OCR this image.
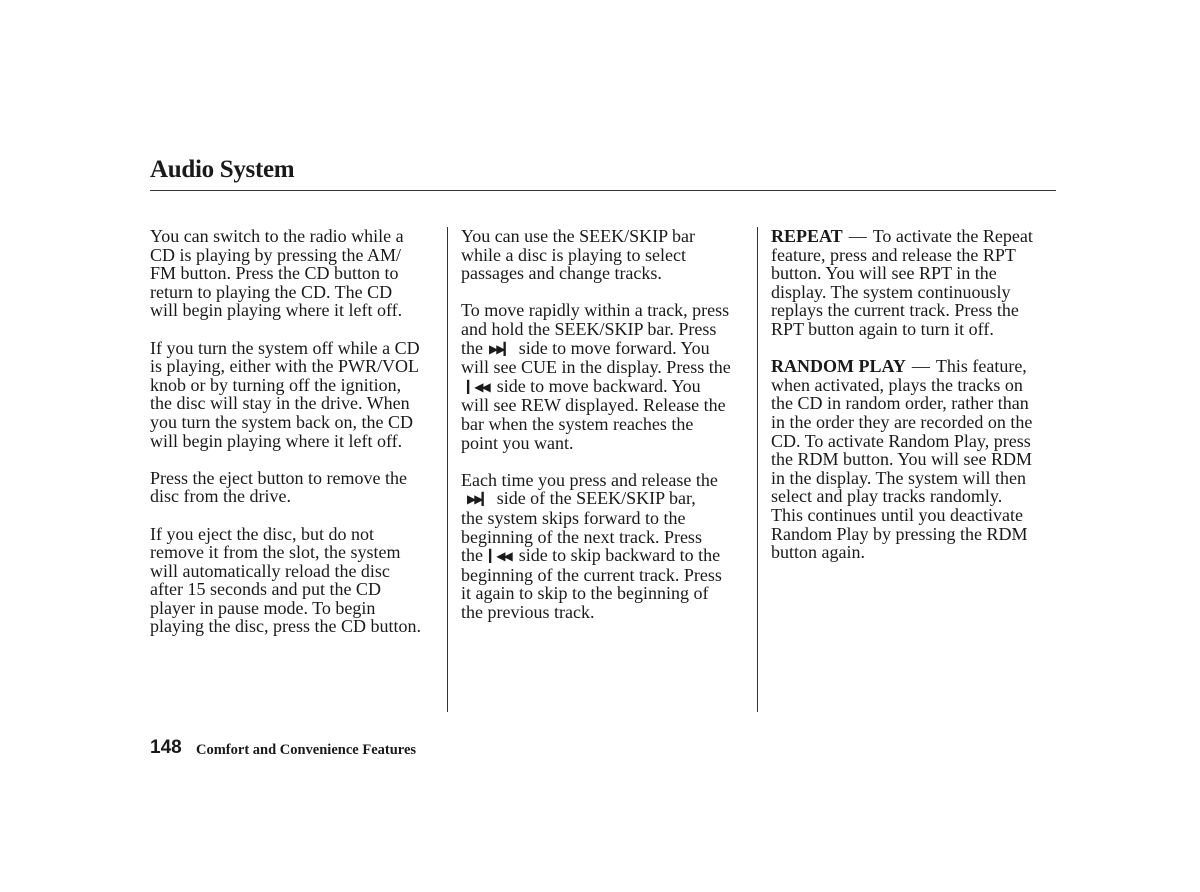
Audio System

You can switch to the radio while a
CD is playing by pressing the AM/
FM button. Press the CD button to
return to playing the CD. The CD
will begin playing where it left off.

If you turn the system off while a CD
is playing, either with the PWR/VOL
knob or by turning off the ignition,
the disc will stay in the drive. When
you turn the system back on, the CD
will begin playing where it left off.

Press the eject button to remove the
disc from the drive.

If you eject the disc, but do not
remove it from the slot, the system
will automatically reload the disc
after 15 seconds and put the CD
player in pause mode. To begin
playing the disc, press the CD button.

You can use the SEEK/SKIP bar
while a disc is playing to select
passages and change tracks.

To move rapidly within a track, press
and hold the SEEK/SKIP bar. Press
the ▶▶▎ side to move forward. You
will see CUE in the display. Press the
▎◀◀ side to move backward. You
will see REW displayed. Release the
bar when the system reaches the
point you want.

Each time you press and release the
▶▶▎ side of the SEEK/SKIP bar,
the system skips forward to the
beginning of the next track. Press
the ▎◀◀ side to skip backward to the
beginning of the current track. Press
it again to skip to the beginning of
the previous track.

REPEAT — To activate the Repeat
feature, press and release the RPT
button. You will see RPT in the
display. The system continuously
replays the current track. Press the
RPT button again to turn it off.

RANDOM PLAY — This feature,
when activated, plays the tracks on
the CD in random order, rather than
in the order they are recorded on the
CD. To activate Random Play, press
the RDM button. You will see RDM
in the display. The system will then
select and play tracks randomly.
This continues until you deactivate
Random Play by pressing the RDM
button again.

148 Comfort and Convenience Features
